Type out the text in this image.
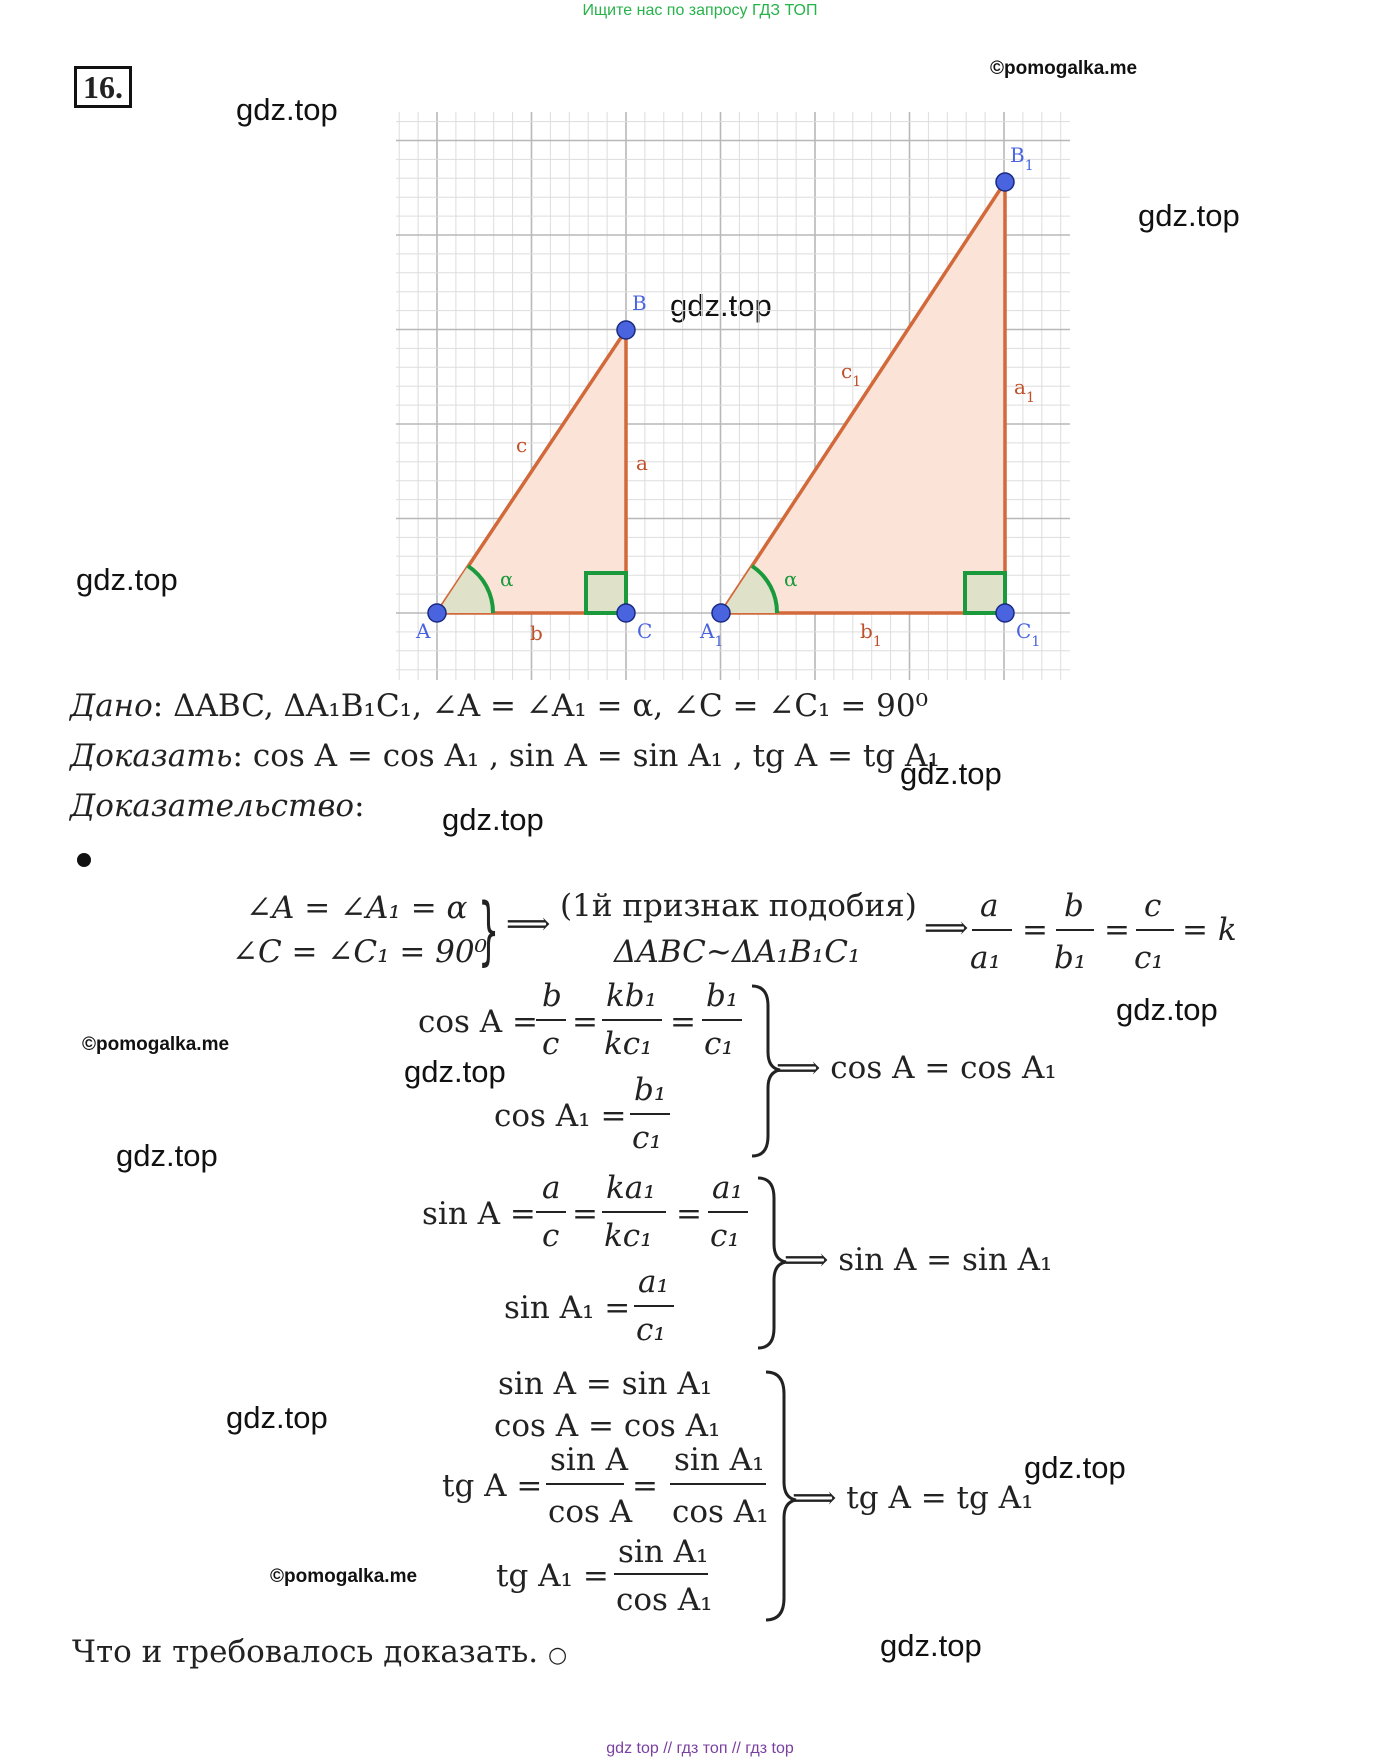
Ищите нас по запросу ГДЗ ТОП
16.
©pomogalka.me
gdz.top
gdz.top
gdz.top
gdz.top
A	C
B
$A_1$	$C_1$
$B_1$
c
a
b
$c_1$	$a_1$
$b_1$
α	α
Дано: ΔABC, ΔA₁B₁C₁, ∠A = ∠A₁ = α, ∠C = ∠C₁ = 90⁰
Доказать: cos A = cos A₁ , sin A = sin A₁ , tg A = tg A₁
gdz.top
Доказательство: gdz.top
∠A = ∠A₁ = α
∠C = ∠C₁ = 90⁰
} ⟹ (1й признак подобия)
ΔABC~ΔA₁B₁C₁
⟹
a
a₁
=
b
b₁
=
c
c₁
= k
gdz.top
©pomogalka.me
gdz.top
gdz.top
cos A =
b
c
=
kb₁
kc₁
=
b₁
c₁
cos A₁ =
b₁
c₁
⟹ cos A = cos A₁
sin A =
a
c
=
ka₁
kc₁
=
a₁
c₁
sin A₁ =
a₁
c₁
⟹ sin A = sin A₁
gdz.top
gdz.top
©pomogalka.me
sin A = sin A₁
cos A = cos A₁
tg A =
sin A
cos A
=
sin A₁
cos A₁
tg A₁ =
sin A₁
cos A₁
⟹ tg A = tg A₁
Что и требовалось доказать. ○	gdz.top
gdz top // гдз топ // гдз top
